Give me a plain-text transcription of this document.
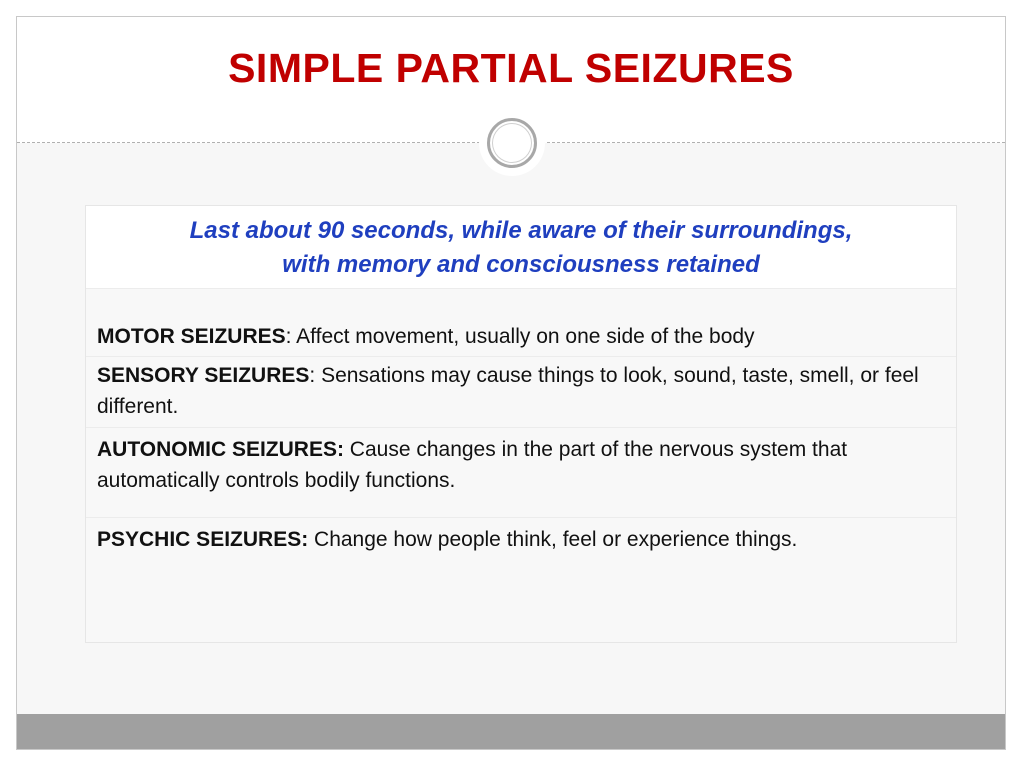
SIMPLE PARTIAL SEIZURES
Last about 90 seconds, while aware of their surroundings,
with memory and consciousness retained
MOTOR SEIZURES: Affect movement, usually on one side of the body
SENSORY SEIZURES: Sensations may cause things to look, sound, taste, smell, or feel different.
AUTONOMIC SEIZURES: Cause changes in the part of the nervous system that automatically controls bodily functions.
PSYCHIC SEIZURES: Change how people think, feel or experience things.
